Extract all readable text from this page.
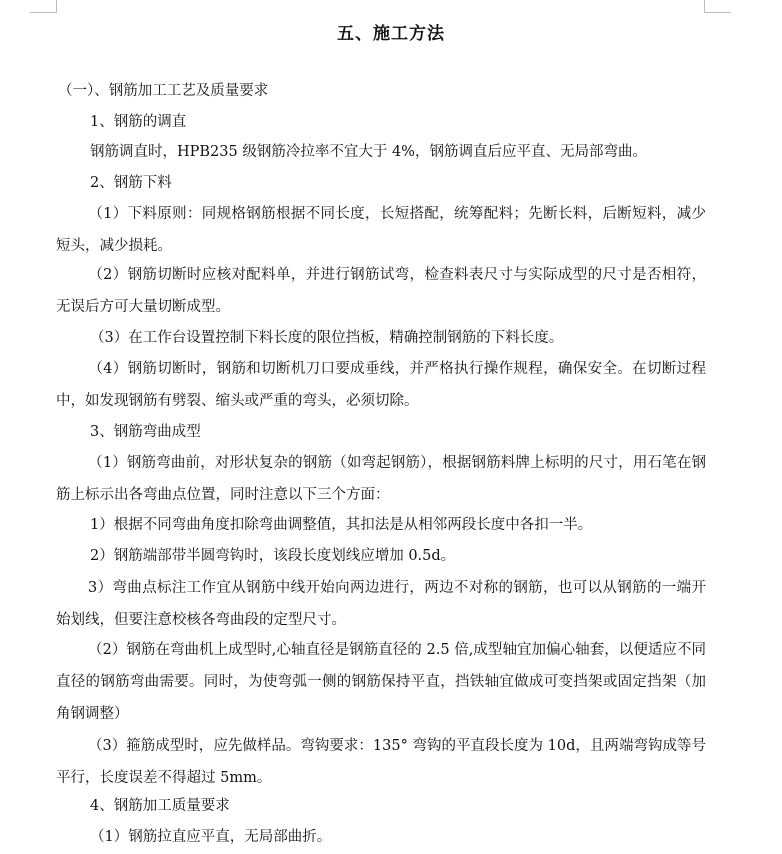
五、施工方法
（一）、钢筋加工工艺及质量要求
1、钢筋的调直
钢筋调直时，HPB235 级钢筋冷拉率不宜大于 4%，钢筋调直后应平直、无局部弯曲。
2、钢筋下料
（1）下料原则：同规格钢筋根据不同长度，长短搭配，统筹配料；先断长料，后断短料，减少短头，减少损耗。
（2）钢筋切断时应核对配料单，并进行钢筋试弯，检查料表尺寸与实际成型的尺寸是否相符，无误后方可大量切断成型。
（3）在工作台设置控制下料长度的限位挡板，精确控制钢筋的下料长度。
（4）钢筋切断时，钢筋和切断机刀口要成垂线，并严格执行操作规程，确保安全。在切断过程中，如发现钢筋有劈裂、缩头或严重的弯头，必须切除。
3、钢筋弯曲成型
（1）钢筋弯曲前，对形状复杂的钢筋（如弯起钢筋），根据钢筋料牌上标明的尺寸，用石笔在钢筋上标示出各弯曲点位置，同时注意以下三个方面：
1）根据不同弯曲角度扣除弯曲调整值，其扣法是从相邻两段长度中各扣一半。
2）钢筋端部带半圆弯钩时，该段长度划线应增加 0.5d。
3）弯曲点标注工作宜从钢筋中线开始向两边进行，两边不对称的钢筋，也可以从钢筋的一端开始划线，但要注意校核各弯曲段的定型尺寸。
（2）钢筋在弯曲机上成型时,心轴直径是钢筋直径的 2.5 倍,成型轴宜加偏心轴套，以便适应不同直径的钢筋弯曲需要。同时，为使弯弧一侧的钢筋保持平直，挡铁轴宜做成可变挡架或固定挡架（加角钢调整）
（3）箍筋成型时，应先做样品。弯钩要求：135° 弯钩的平直段长度为 10d，且两端弯钩成等号平行，长度误差不得超过 5mm。
4、钢筋加工质量要求
（1）钢筋拉直应平直，无局部曲折。
